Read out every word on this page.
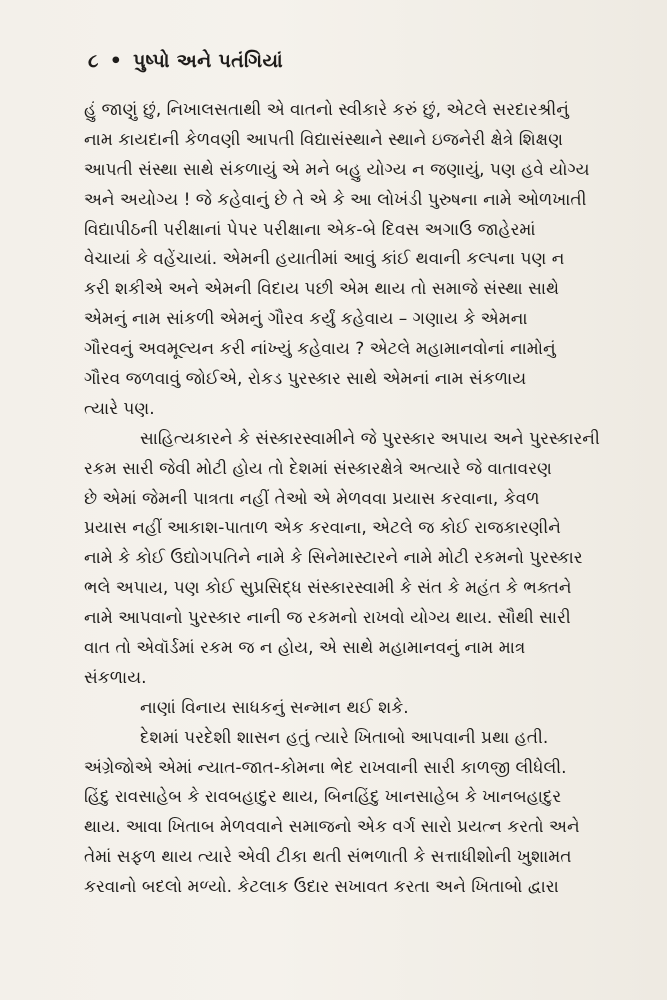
૮ • પુષ્પો અને પતંગિયાં
હું જાણું છું, નિખાલસતાથી એ વાતનો સ્વીકારે કરું છું, એટલે સરદારશ્રીનું
નામ કાયદાની કેળવણી આપતી વિદ્યાસંસ્થાને સ્થાને ઇજનેરી ક્ષેત્રે શિક્ષણ
આપતી સંસ્થા સાથે સંકળાયું એ મને બહુ યોગ્ય ન જણાયું, પણ હવે યોગ્ય
અને અયોગ્ય ! જે કહેવાનું છે તે એ કે આ લોખંડી પુરુષના નામે ઓળખાતી
વિદ્યાપીઠની પરીક્ષાનાં પેપર પરીક્ષાના એક-બે દિવસ અગાઉ જાહેરમાં
વેચાયાં કે વહેંચાયાં. એમની હયાતીમાં આવું કાંઈ થવાની કલ્પના પણ ન
કરી શકીએ અને એમની વિદાય પછી એમ થાય તો સમાજે સંસ્થા સાથે
એમનું નામ સાંકળી એમનું ગૌરવ કર્યું કહેવાય – ગણાય કે એમના
ગૌરવનું અવમૂલ્યન કરી નાંખ્યું કહેવાય ? એટલે મહામાનવોનાં નામોનું
ગૌરવ જળવાવું જોઈએ, રોકડ પુરસ્કાર સાથે એમનાં નામ સંકળાય
ત્યારે પણ.
સાહિત્યકારને કે સંસ્કારસ્વામીને જે પુરસ્કાર અપાય અને પુરસ્કારની
રકમ સારી જેવી મોટી હોય તો દેશમાં સંસ્કારક્ષેત્રે અત્યારે જે વાતાવરણ
છે એમાં જેમની પાત્રતા નહીં તેઓ એ મેળવવા પ્રયાસ કરવાના, કેવળ
પ્રયાસ નહીં આકાશ-પાતાળ એક કરવાના, એટલે જ કોઈ રાજકારણીને
નામે કે કોઈ ઉદ્યોગપતિને નામે કે સિનેમાસ્ટારને નામે મોટી રકમનો પુરસ્કાર
ભલે અપાય, પણ કોઈ સુપ્રસિદ્ધ સંસ્કારસ્વામી કે સંત કે મહંત કે ભક્તને
નામે આપવાનો પુરસ્કાર નાની જ રકમનો રાખવો યોગ્ય થાય. સૌથી સારી
વાત તો એવૉર્ડમાં રકમ જ ન હોય, એ સાથે મહામાનવનું નામ માત્ર
સંકળાય.
નાણાં વિનાય સાધકનું સન્માન થઈ શકે.
દેશમાં પરદેશી શાસન હતું ત્યારે ખિતાબો આપવાની પ્રથા હતી.
અંગ્રેજોએ એમાં ન્યાત-જાત-કોમના ભેદ રાખવાની સારી કાળજી લીધેલી.
હિંદુ રાવસાહેબ કે રાવબહાદુર થાય, બિનહિંદુ ખાનસાહેબ કે ખાનબહાદુર
થાય. આવા ખિતાબ મેળવવાને સમાજનો એક વર્ગ સારો પ્રયત્ન કરતો અને
તેમાં સફળ થાય ત્યારે એવી ટીકા થતી સંભળાતી કે સત્તાધીશોની ખુશામત
કરવાનો બદલો મળ્યો. કેટલાક ઉદાર સખાવત કરતા અને ખિતાબો દ્વારા
